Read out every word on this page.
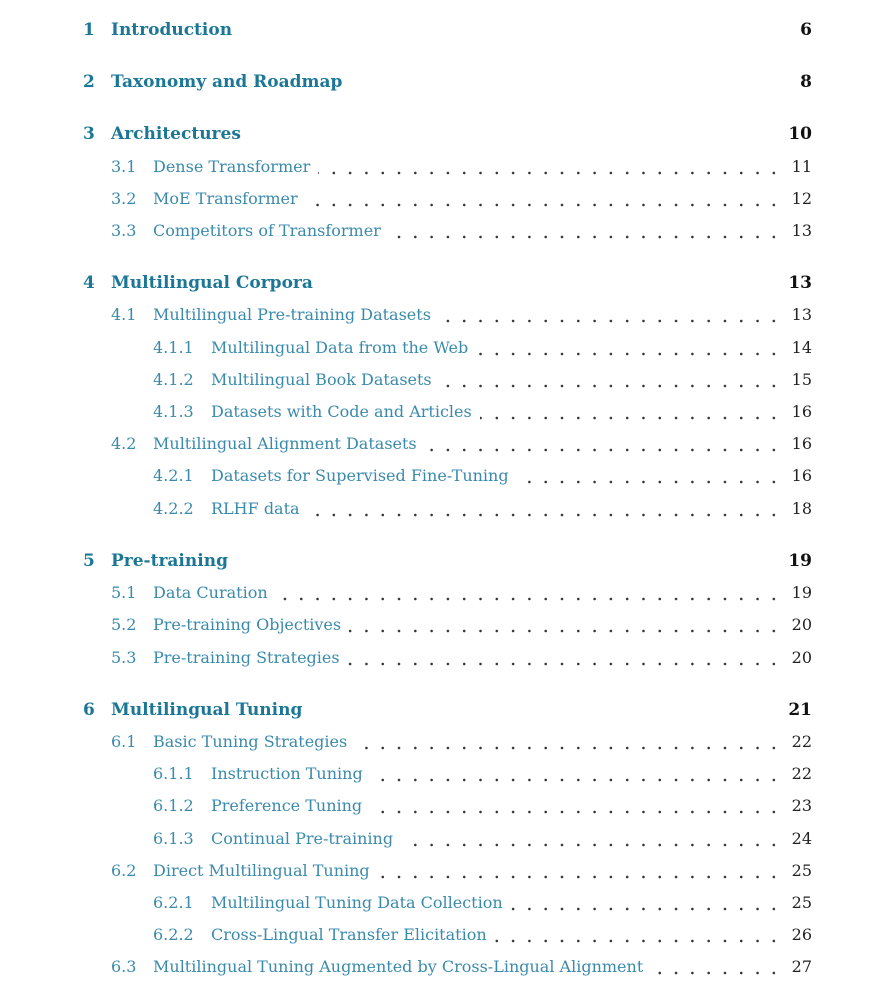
1 Introduction	6
2 Taxonomy and Roadmap	8
3 Architectures	10
3.1 Dense Transformer	11
3.2 MoE Transformer	12
3.3 Competitors of Transformer	13
4 Multilingual Corpora	13
4.1 Multilingual Pre-training Datasets	13
4.1.1 Multilingual Data from the Web	14
4.1.2 Multilingual Book Datasets	15
4.1.3 Datasets with Code and Articles	16
4.2 Multilingual Alignment Datasets	16
4.2.1 Datasets for Supervised Fine-Tuning	16
4.2.2 RLHF data	18
5 Pre-training	19
5.1 Data Curation	19
5.2 Pre-training Objectives	20
5.3 Pre-training Strategies	20
6 Multilingual Tuning	21
6.1 Basic Tuning Strategies	22
6.1.1 Instruction Tuning	22
6.1.2 Preference Tuning	23
6.1.3 Continual Pre-training	24
6.2 Direct Multilingual Tuning	25
6.2.1 Multilingual Tuning Data Collection	25
6.2.2 Cross-Lingual Transfer Elicitation	26
6.3 Multilingual Tuning Augmented by Cross-Lingual Alignment	27
